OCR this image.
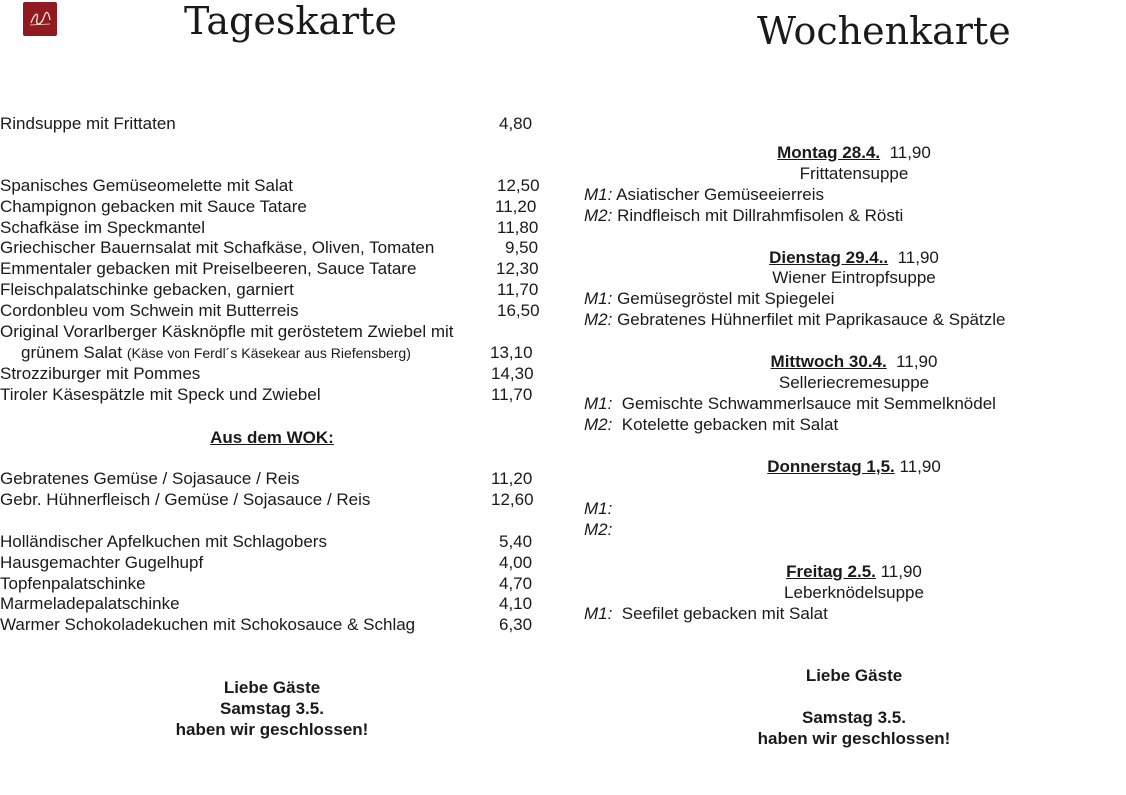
Tageskarte	Wochenkarte
Rindsuppe mit Frittaten	4,80
Spanisches Gemüseomelette mit Salat	12,50
Champignon gebacken mit Sauce Tatare	11,20
Schafkäse im Speckmantel	11,80
Griechischer Bauernsalat mit Schafkäse, Oliven, Tomaten	9,50
Emmentaler gebacken mit Preiselbeeren, Sauce Tatare	12,30
Fleischpalatschinke gebacken, garniert	11,70
Cordonbleu vom Schwein mit Butterreis	16,50
Original Vorarlberger Käsknöpfle mit geröstetem Zwiebel mit
grünem Salat (Käse von Ferdl´s Käsekear aus Riefensberg)	13,10
Strozziburger mit Pommes	14,30
Tiroler Käsespätzle mit Speck und Zwiebel	11,70
Aus dem WOK:
Gebratenes Gemüse / Sojasauce / Reis	11,20
Gebr. Hühnerfleisch / Gemüse / Sojasauce / Reis	12,60
Holländischer Apfelkuchen mit Schlagobers	5,40
Hausgemachter Gugelhupf	4,00
Topfenpalatschinke	4,70
Marmeladepalatschinke	4,10
Warmer Schokoladekuchen mit Schokosauce & Schlag	6,30
Liebe Gäste
Samstag 3.5.
haben wir geschlossen!
Montag 28.4. 11,90
Frittatensuppe
M1: Asiatischer Gemüseeierreis
M2: Rindfleisch mit Dillrahmfisolen & Rösti
Dienstag 29.4.. 11,90
Wiener Eintropfsuppe
M1: Gemüsegröstel mit Spiegelei
M2: Gebratenes Hühnerfilet mit Paprikasauce & Spätzle
Mittwoch 30.4. 11,90
Selleriecremesuppe
M1: Gemischte Schwammerlsauce mit Semmelknödel
M2: Kotelette gebacken mit Salat
Donnerstag 1,5. 11,90
M1:
M2:
Freitag 2.5. 11,90
Leberknödelsuppe
M1: Seefilet gebacken mit Salat
Liebe Gäste
Samstag 3.5.
haben wir geschlossen!
